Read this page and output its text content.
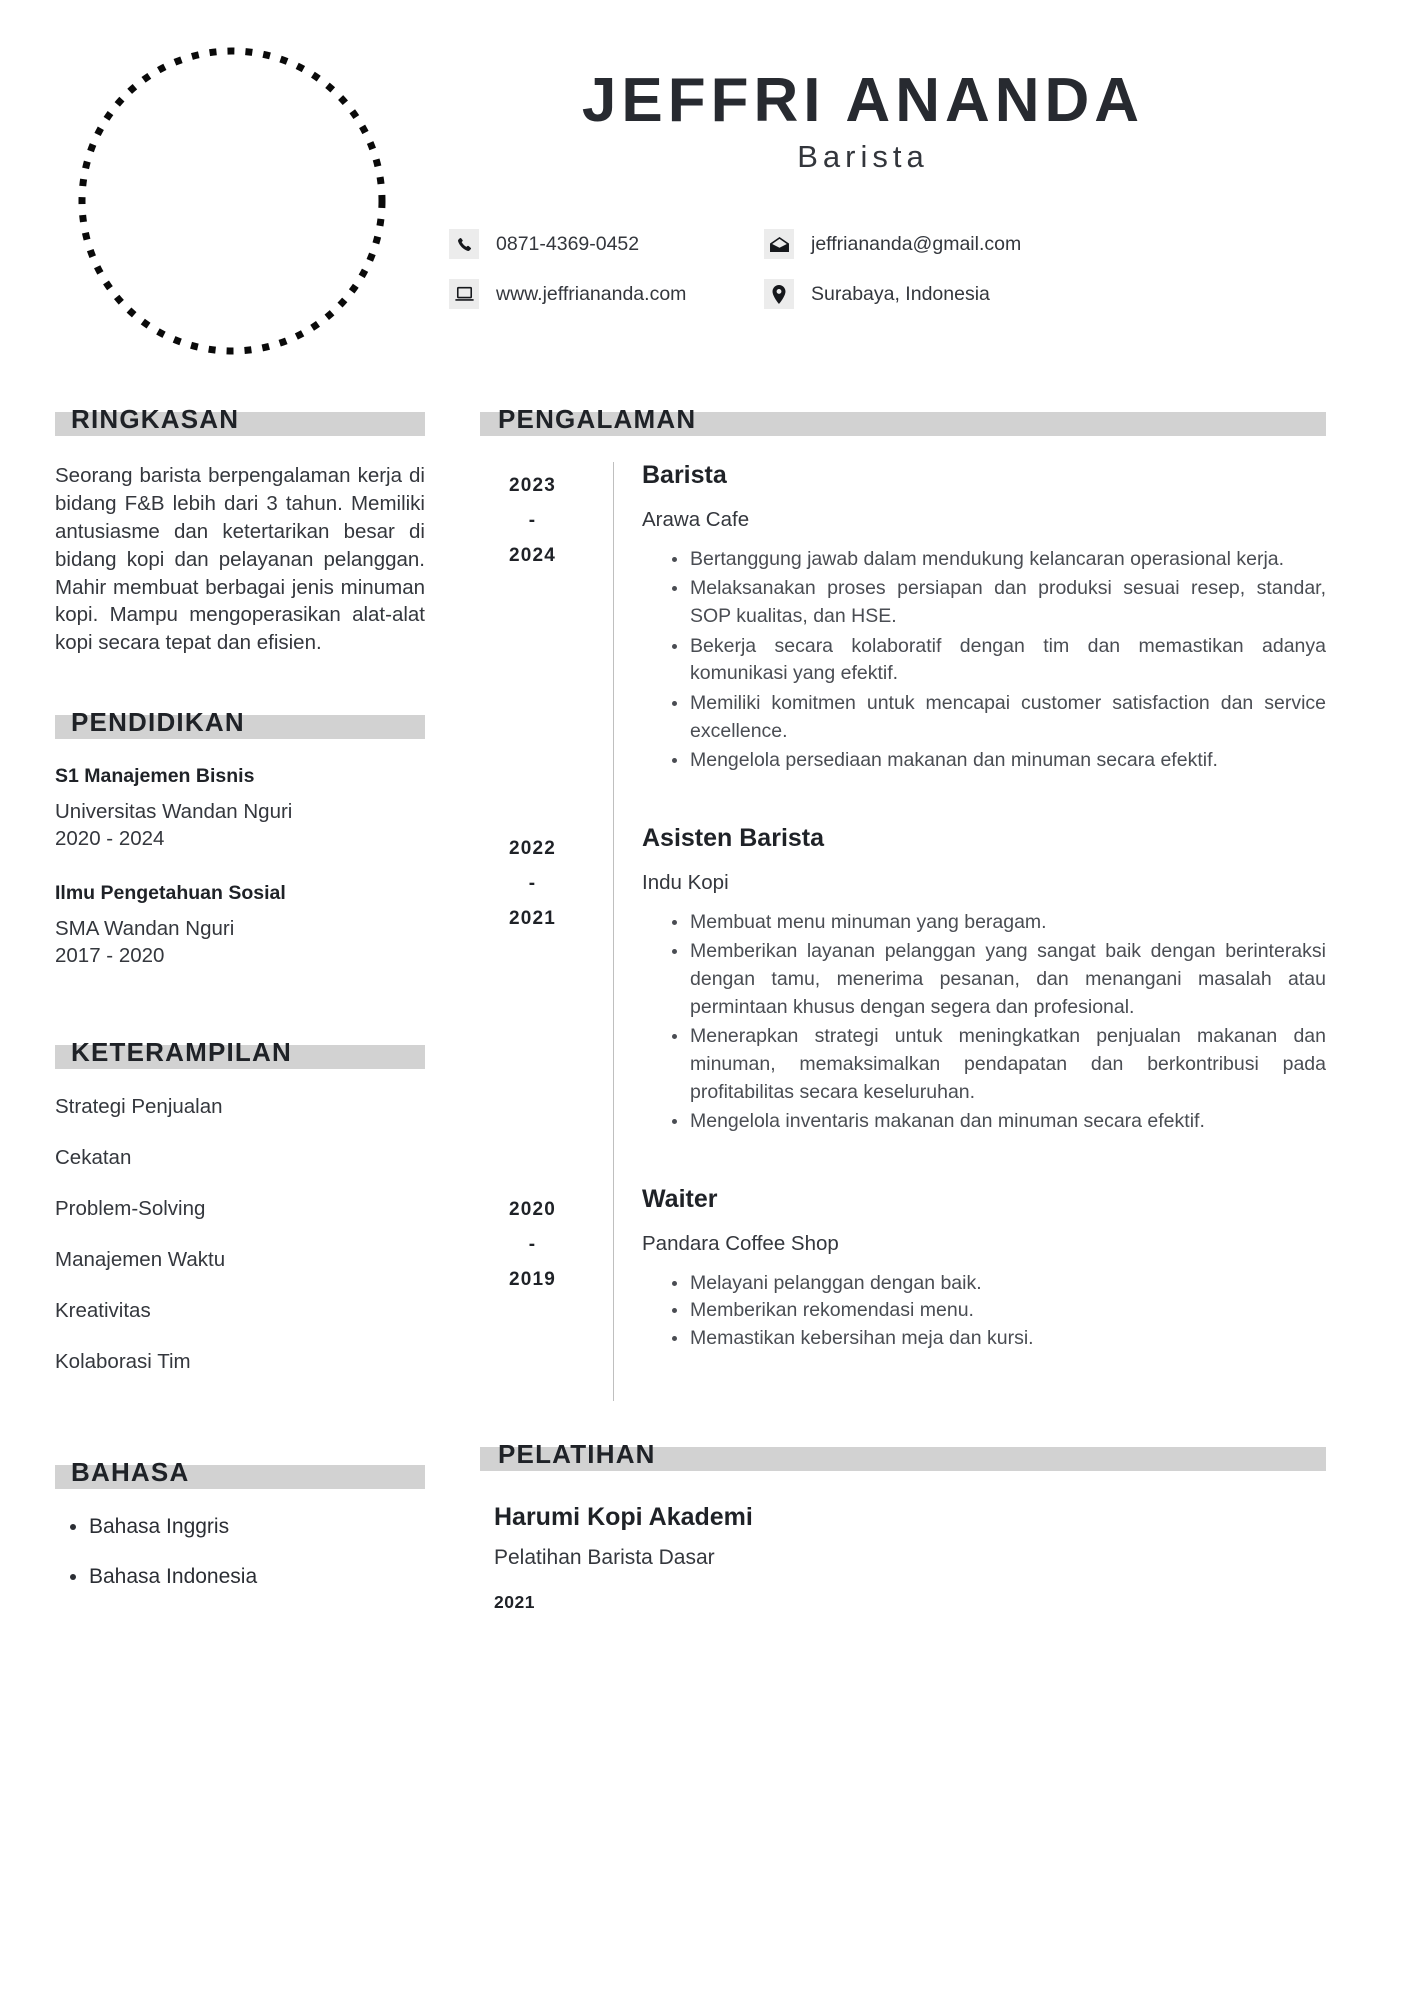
JEFFRI ANANDA
Barista
0871-4369-0452	jeffriananda@gmail.com
www.jeffriananda.com	Surabaya, Indonesia
RINGKASAN

Seorang barista berpengalaman kerja di bidang F&B lebih dari 3 tahun. Memiliki antusiasme dan ketertarikan besar di bidang kopi dan pelayanan pelanggan. Mahir membuat berbagai jenis minuman kopi. Mampu mengoperasikan alat-alat kopi secara tepat dan efisien.

PENDIDIKAN
S1 Manajemen Bisnis
Universitas Wandan Nguri
2020 - 2024
Ilmu Pengetahuan Sosial
SMA Wandan Nguri
2017 - 2020
KETERAMPILAN
Strategi Penjualan
Cekatan
Problem-Solving
Manajemen Waktu
Kreativitas
Kolaborasi Tim
BAHASA
• Bahasa Inggris
• Bahasa Indonesia
PENGALAMAN
2023
-
2024
Barista
Arawa Cafe
Bertanggung jawab dalam mendukung kelancaran operasional kerja.
Melaksanakan proses persiapan dan produksi sesuai resep, standar, SOP kualitas, dan HSE.
Bekerja secara kolaboratif dengan tim dan memastikan adanya komunikasi yang efektif.
Memiliki komitmen untuk mencapai customer satisfaction dan service excellence.
Mengelola persediaan makanan dan minuman secara efektif.
2022
-
2021
Asisten Barista
Indu Kopi
Membuat menu minuman yang beragam.
Memberikan layanan pelanggan yang sangat baik dengan berinteraksi dengan tamu, menerima pesanan, dan menangani masalah atau permintaan khusus dengan segera dan profesional.
Menerapkan strategi untuk meningkatkan penjualan makanan dan minuman, memaksimalkan pendapatan dan berkontribusi pada profitabilitas secara keseluruhan.
Mengelola inventaris makanan dan minuman secara efektif.
2020
-
2019
Waiter
Pandara Coffee Shop
Melayani pelanggan dengan baik.
Memberikan rekomendasi menu.
Memastikan kebersihan meja dan kursi.
PELATIHAN
Harumi Kopi Akademi
Pelatihan Barista Dasar
2021
